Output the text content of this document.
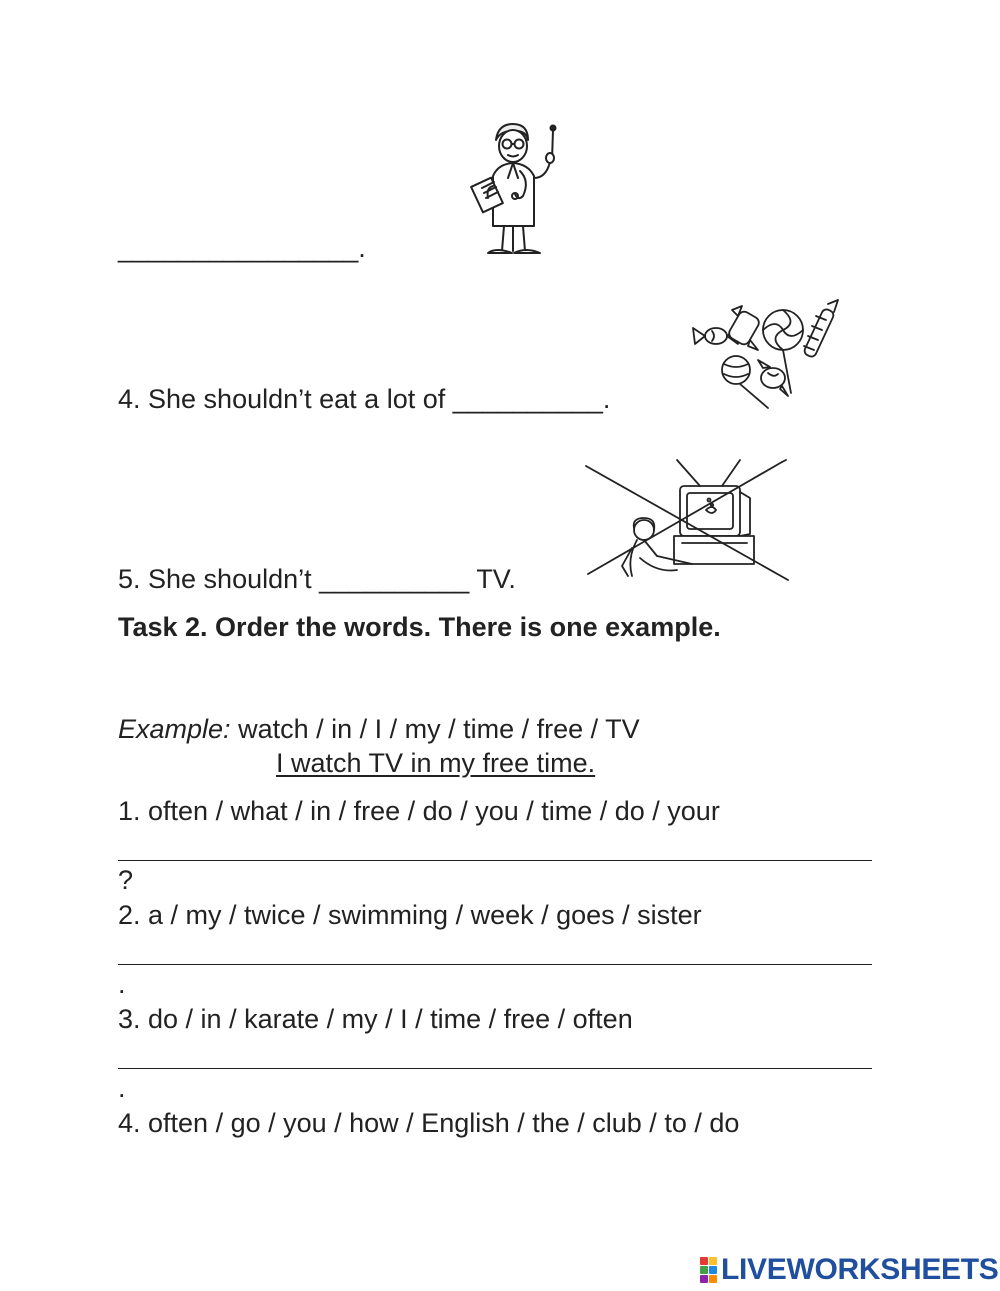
________________.
4. She shouldn’t eat a lot of __________.
5. She shouldn’t __________ TV.
Task 2. Order the words. There is one example.
Example: watch / in / I / my / time / free / TV
I watch TV in my free time.
1. often / what / in / free / do / you / time / do / your
?
2. a / my / twice / swimming / week / goes / sister
.
3. do / in / karate / my / I / time / free / often
.
4. often / go / you / how / English / the / club / to / do
LIVEWORKSHEETS
